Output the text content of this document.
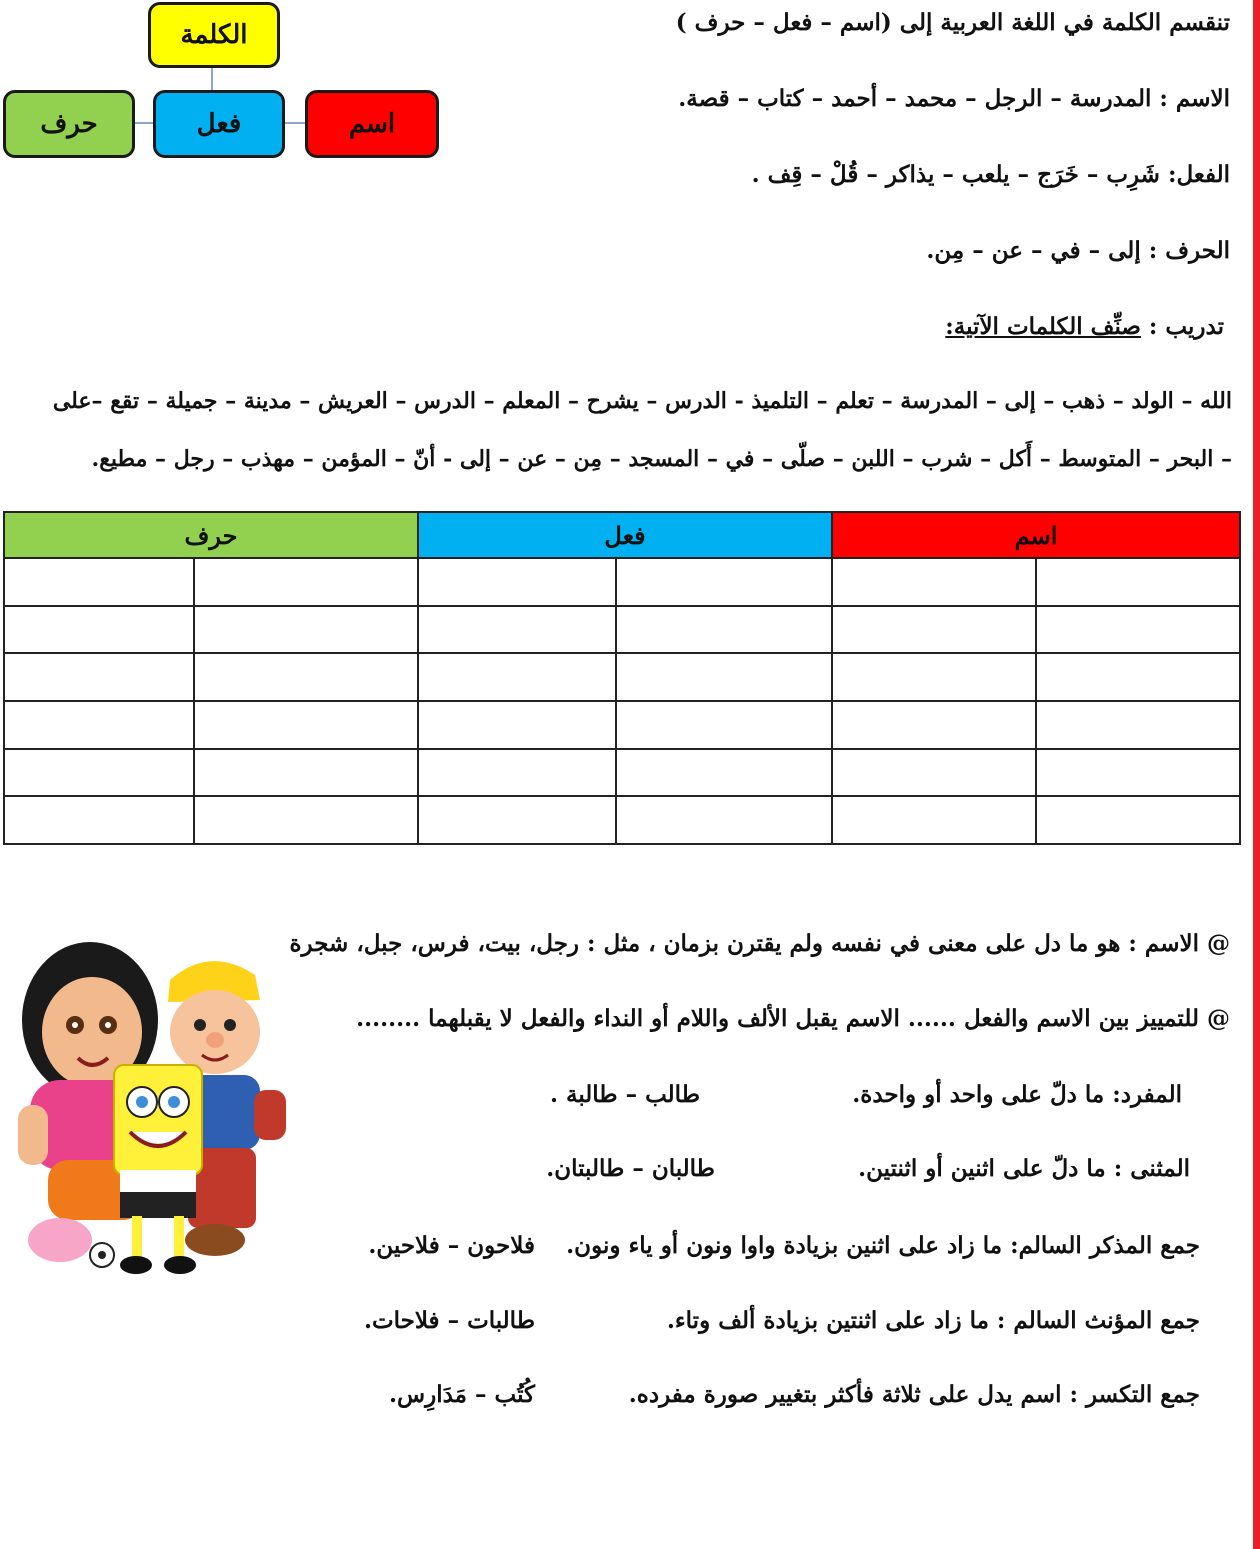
الكلمة
حرف	فعل	اسم
تنقسم الكلمة في اللغة العربية إلى (اسم – فعل – حرف )
الاسم : المدرسة – الرجل – محمد – أحمد – كتاب – قصة.
الفعل: شَرِب – خَرَج – يلعب – يذاكر – قُلْ – قِف .
الحرف : إلى – في – عن – مِن.
تدريب : صنِّف الكلمات الآتية:
الله – الولد – ذهب – إلى – المدرسة – تعلم – التلميذ - الدرس – يشرح – المعلم – الدرس – العريش – مدينة – جميلة – تقع –على
– البحر – المتوسط – أَكل – شرب – اللبن – صلّى – في – المسجد – مِن – عن – إلى - أنّ – المؤمن – مهذب – رجل – مطيع.
اسم		فعل		حرف	

@ الاسم : هو ما دل على معنى في نفسه ولم يقترن بزمان ، مثل : رجل، بيت، فرس، جبل، شجرة
@ للتمييز بين الاسم والفعل ...... الاسم يقبل الألف واللام أو النداء والفعل لا يقبلهما ........
المفرد: ما دلّ على واحد أو واحدة.
طالب – طالبة .
المثنى : ما دلّ على اثنين أو اثنتين.
طالبان – طالبتان.
جمع المذكر السالم: ما زاد على اثنين بزيادة واوا ونون أو ياء ونون.
فلاحون – فلاحين.
جمع المؤنث السالم : ما زاد على اثنتين بزيادة ألف وتاء.
طالبات – فلاحات.
جمع التكسر : اسم يدل على ثلاثة فأكثر بتغيير صورة مفرده.
كُتُب – مَدَارِس.
